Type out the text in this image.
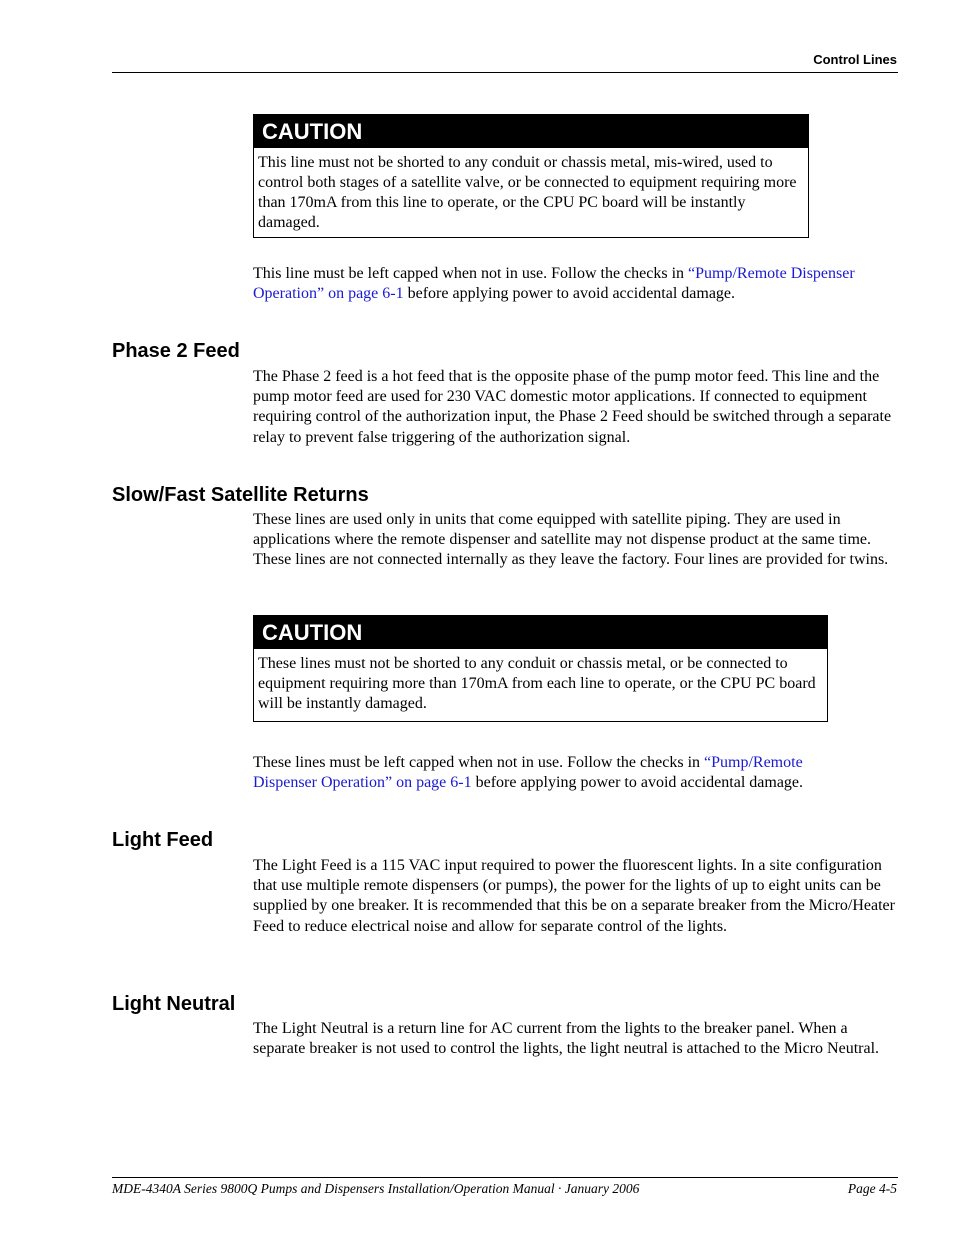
Control Lines
CAUTION
This line must not be shorted to any conduit or chassis metal, mis-wired, used to control both stages of a satellite valve, or be connected to equipment requiring more than 170mA from this line to operate, or the CPU PC board will be instantly damaged.
This line must be left capped when not in use. Follow the checks in “Pump/Remote Dispenser Operation” on page 6-1 before applying power to avoid accidental damage.
Phase 2 Feed
The Phase 2 feed is a hot feed that is the opposite phase of the pump motor feed. This line and the pump motor feed are used for 230 VAC domestic motor applications. If connected to equipment requiring control of the authorization input, the Phase 2 Feed should be switched through a separate relay to prevent false triggering of the authorization signal.
Slow/Fast Satellite Returns
These lines are used only in units that come equipped with satellite piping. They are used in applications where the remote dispenser and satellite may not dispense product at the same time. These lines are not connected internally as they leave the factory. Four lines are provided for twins.
CAUTION
These lines must not be shorted to any conduit or chassis metal, or be connected to equipment requiring more than 170mA from each line to operate, or the CPU PC board will be instantly damaged.
These lines must be left capped when not in use. Follow the checks in “Pump/Remote Dispenser Operation” on page 6-1 before applying power to avoid accidental damage.
Light Feed
The Light Feed is a 115 VAC input required to power the fluorescent lights. In a site configuration that use multiple remote dispensers (or pumps), the power for the lights of up to eight units can be supplied by one breaker. It is recommended that this be on a separate breaker from the Micro/Heater Feed to reduce electrical noise and allow for separate control of the lights.
Light Neutral
The Light Neutral is a return line for AC current from the lights to the breaker panel. When a separate breaker is not used to control the lights, the light neutral is attached to the Micro Neutral.
MDE-4340A Series 9800Q Pumps and Dispensers Installation/Operation Manual · January 2006	Page 4-5
